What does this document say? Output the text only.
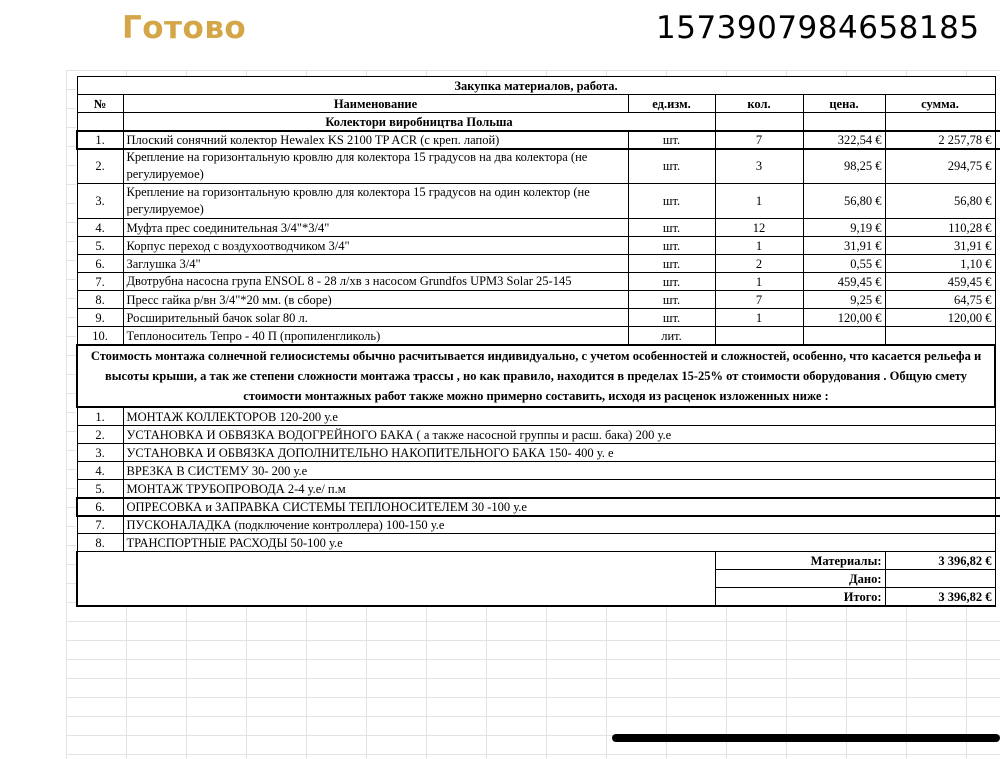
Готово	1573907984658185
Закупка материалов, работа.						
№	Наименование	ед.изм.	кол.	цена.	сумма.	
	Колектори виробництва Польша					
1.	Плоский сонячний колектор Hewalex KS 2100 TP ACR (с креп. лапой)	шт.	7	322,54 €	2 257,78 €	
2.	Крепление на горизонтальную кровлю для колектора 15 градусов на два колектора (не регулируемое)	шт.	3	98,25 €	294,75 €	
3.	Крепление на горизонтальную кровлю для колектора 15 градусов на один колектор (не регулируемое)	шт.	1	56,80 €	56,80 €	
4.	Муфта прес соединительная 3/4"*3/4"	шт.	12	9,19 €	110,28 €	
5.	Корпус переход с воздухоотводчиком 3/4"	шт.	1	31,91 €	31,91 €	
6.	Заглушка 3/4"	шт.	2	0,55 €	1,10 €	
7.	Двотрубна насосна група ENSOL 8 - 28 л/хв з насосом Grundfos UPM3 Solar 25-145	шт.	1	459,45 €	459,45 €	
8.	Пресс гайка р/вн 3/4"*20 мм. (в сборе)	шт.	7	9,25 €	64,75 €	
9.	Росширительный бачок solar 80 л.	шт.	1	120,00 €	120,00 €	
10.	Теплоноситель Тепро - 40 П (пропиленгликоль)	лит.				

Стоимость монтажа солнечной гелиосистемы обычно расчитывается индивидуально, с учетом особенностей и сложностей, особенно, что касается рельефа и высоты крыши, а так же степени сложности монтажа трассы , но как правило, находится в пределах 15-25% от стоимости оборудования . Общую смету стоимости монтажных работ также можно примерно составить, исходя из расценок изложенных ниже :						

1.	МОНТАЖ КОЛЛЕКТОРОВ 120-200 у.е					
2.	УСТАНОВКА И ОБВЯЗКА ВОДОГРЕЙНОГО БАКА ( а также насосной группы и расш. бака) 200 у.е					
3.	УСТАНОВКА И ОБВЯЗКА ДОПОЛНИТЕЛЬНО НАКОПИТЕЛЬНОГО БАКА 150- 400 у. е					
4.	ВРЕЗКА В СИСТЕМУ 30- 200 у.е					
5.	МОНТАЖ ТРУБОПРОВОДА 2-4 у.е/ п.м					
6.	ОПРЕСОВКА и ЗАПРАВКА СИСТЕМЫ ТЕПЛОНОСИТЕЛЕМ 30 -100 у.е					
7.	ПУСКОНАЛАДКА (подключение контроллера) 100-150 у.е					
8.	ТРАНСПОРТНЫЕ РАСХОДЫ 50-100 у.е					
			Материалы:		3 396,82 €	
			Дано:			
			Итого:		3 396,82 €	
